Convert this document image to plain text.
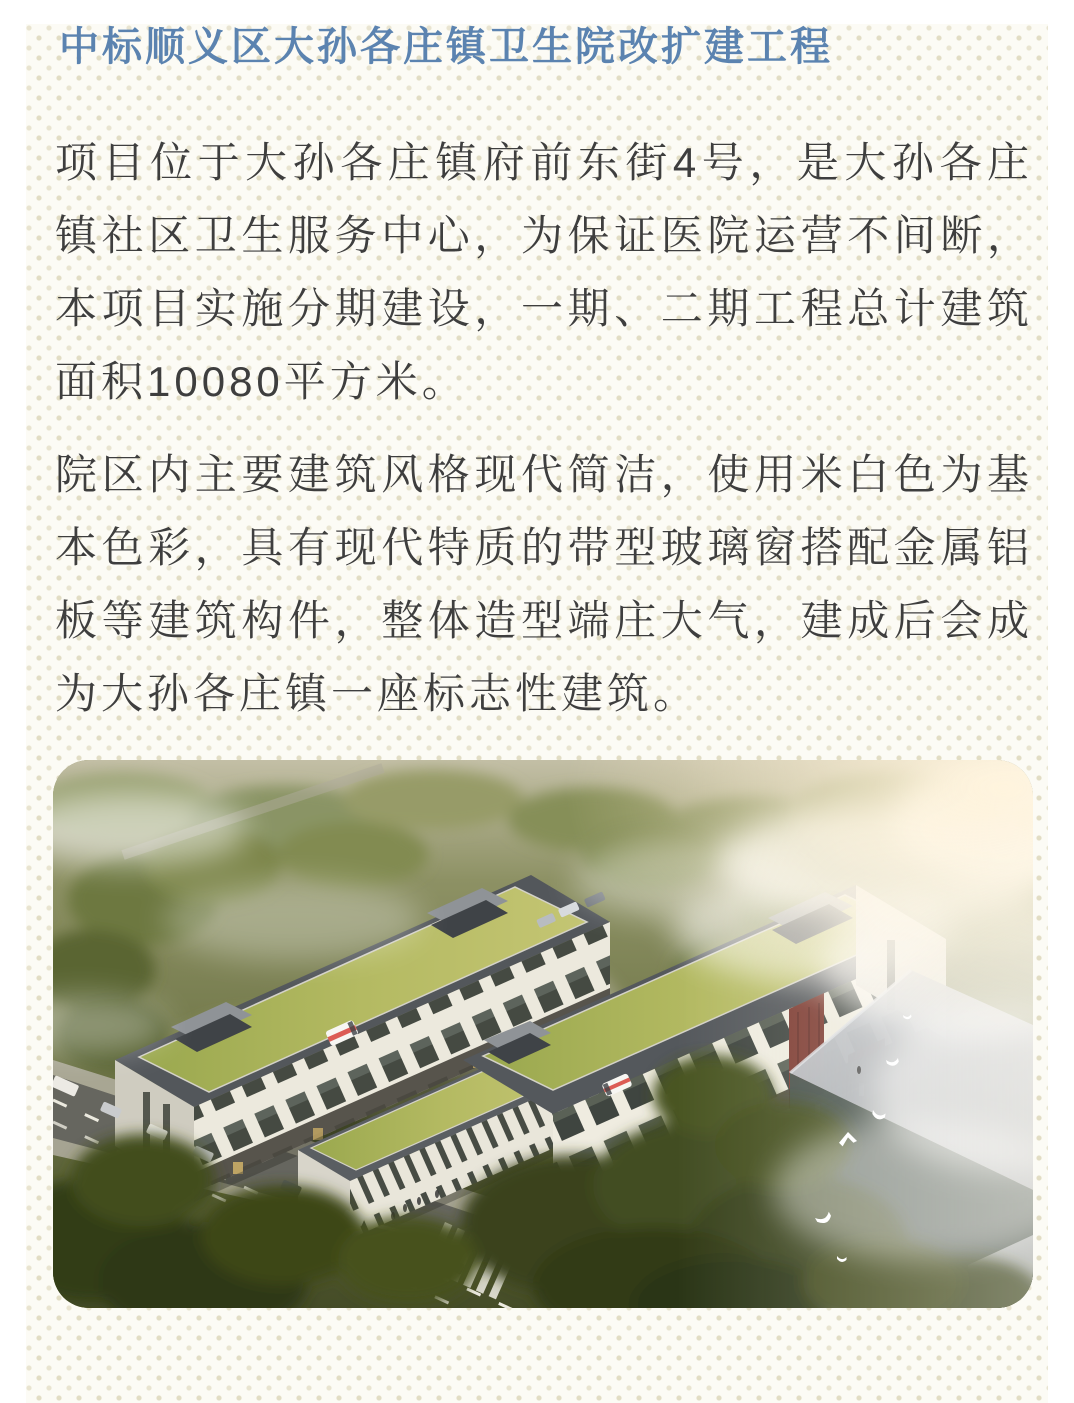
中标顺义区大孙各庄镇卫生院改扩建工程

项目位于大孙各庄镇府前东街4号，是大孙各庄镇社区卫生服务中心，为保证医院运营不间断，本项目实施分期建设，一期、二期工程总计建筑面积10080平方米。

院区内主要建筑风格现代简洁，使用米白色为基本色彩，具有现代特质的带型玻璃窗搭配金属铝板等建筑构件，整体造型端庄大气，建成后会成为大孙各庄镇一座标志性建筑。
